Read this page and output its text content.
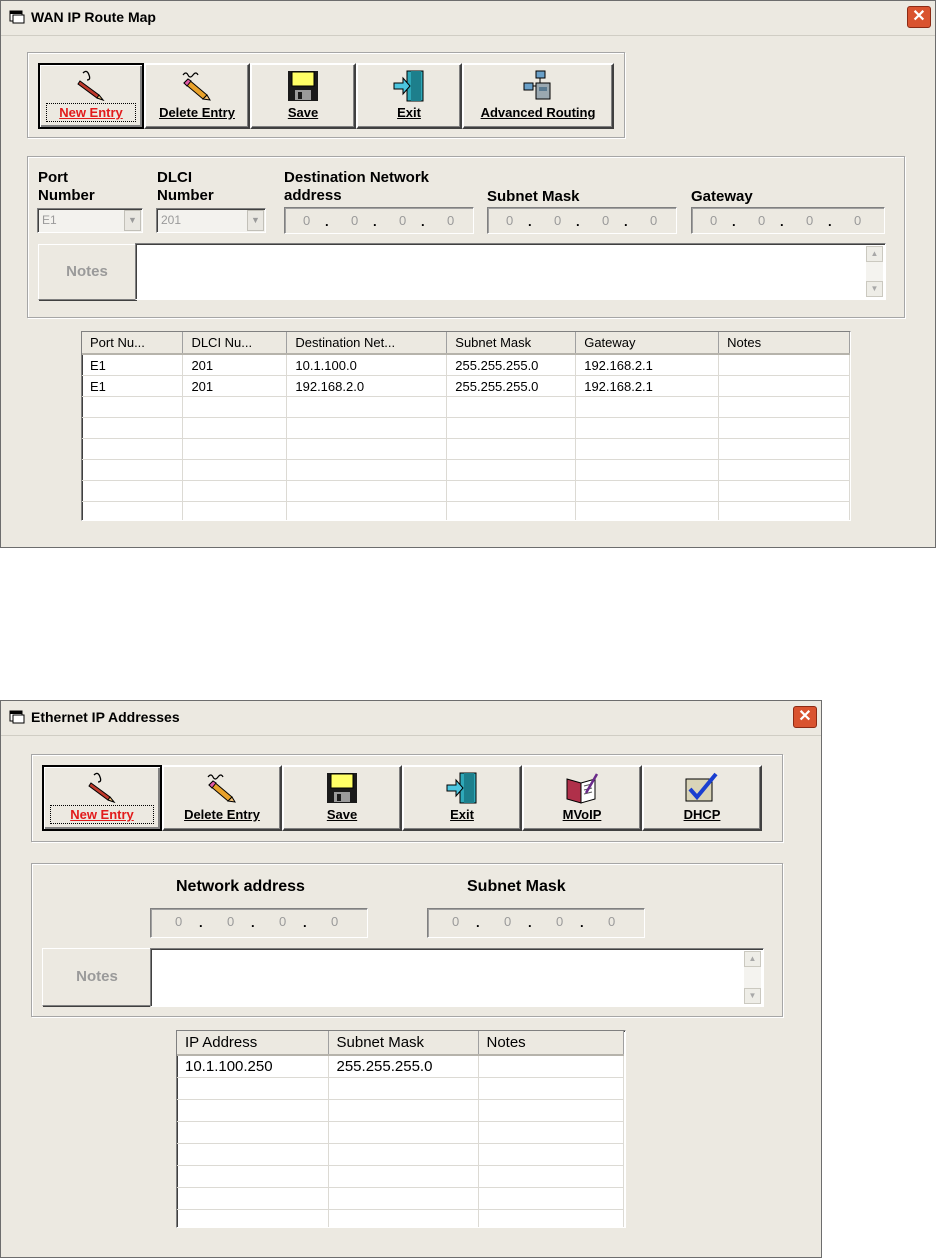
WAN IP Route Map	✕
New Entry	Delete Entry	Save	Exit	Advanced Routing
Port
Number
E1	▼
DLCI
Number
201	▼
Destination Network
address
0 . 0 . 0 . 0
Subnet Mask
0 . 0 . 0 . 0
Gateway
0 . 0 . 0 . 0
Notes
▲
▼
Port Nu...	DLCI Nu...	Destination Net...	Subnet Mask	Gateway	Notes
E1	201	10.1.100.0	255.255.255.0	192.168.2.1	
E1	201	192.168.2.0	255.255.255.0	192.168.2.1	

Ethernet IP Addresses	✕
New Entry	Delete Entry	Save	Exit	MVoIP	DHCP
Network address
0 . 0 . 0 . 0
Subnet Mask
0 . 0 . 0 . 0
Notes
▲
▼
IP Address	Subnet Mask	Notes
10.1.100.250	255.255.255.0	
